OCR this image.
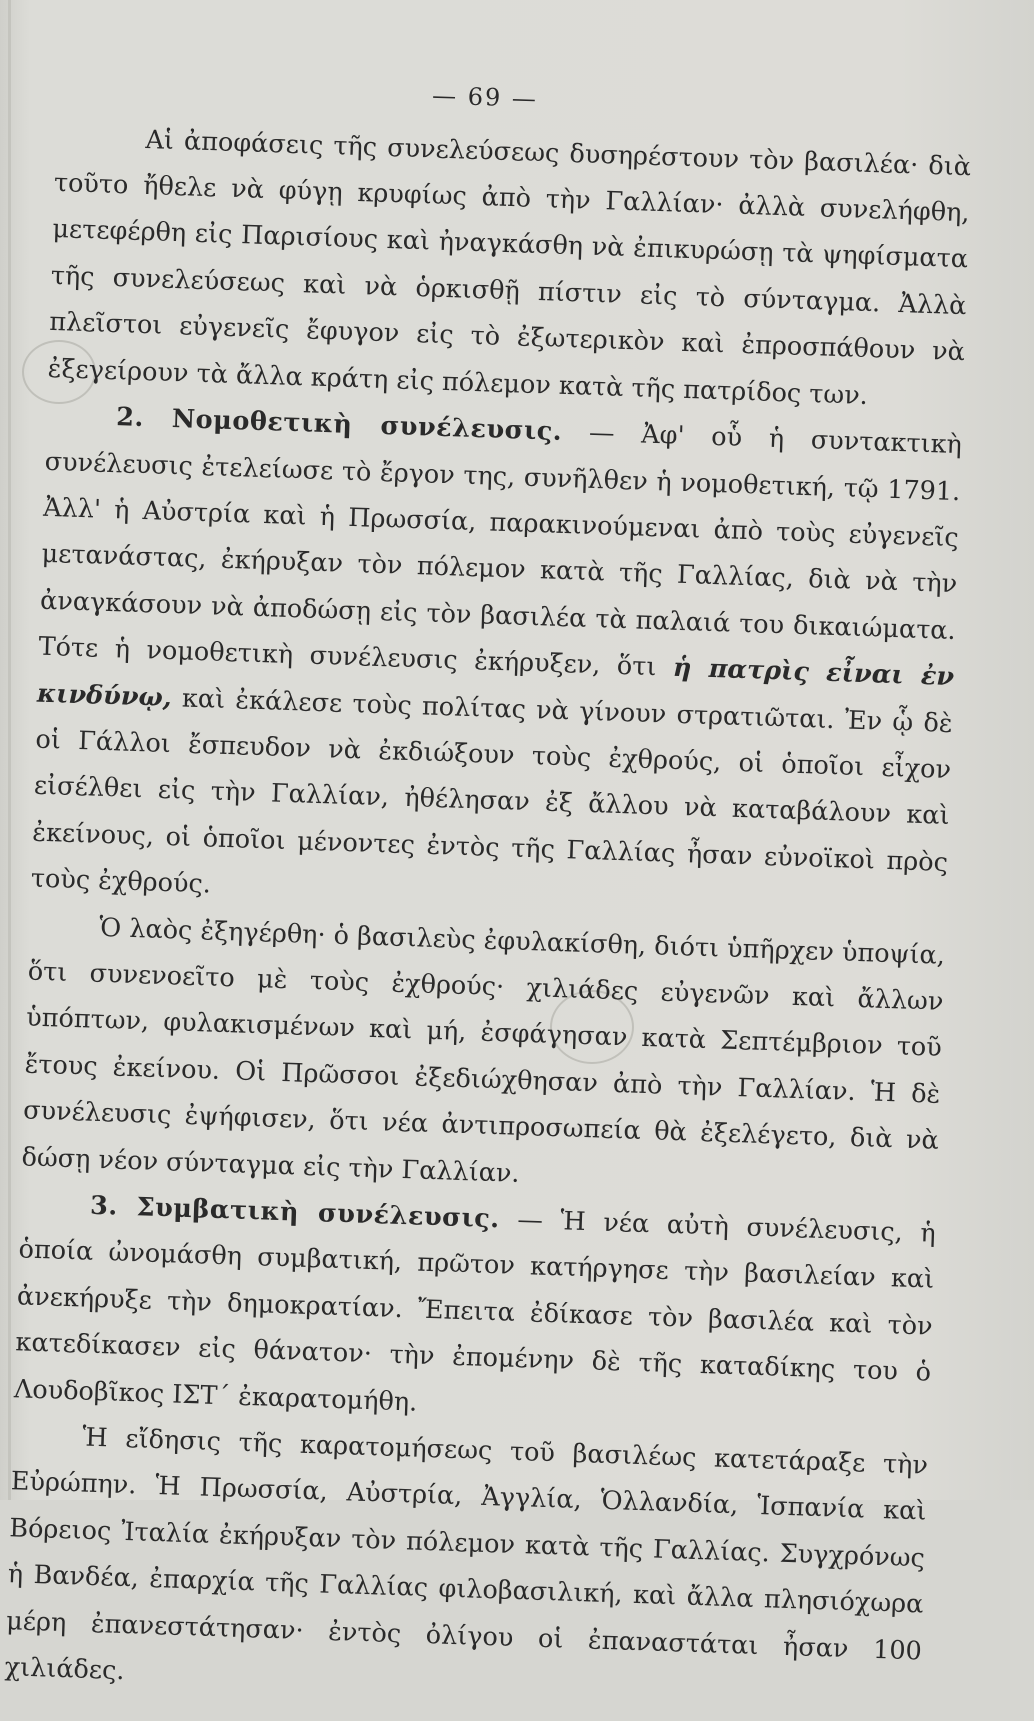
— 69 —

Αἱ ἀποφάσεις τῆς συνελεύσεως δυσηρέστουν τὸν βασιλέα· διὰ τοῦτο ἤθελε νὰ φύγῃ κρυφίως ἀπὸ τὴν Γαλλίαν· ἀλλὰ συνελήφθη, μετεφέρθη εἰς Παρισίους καὶ ἠναγκάσθη νὰ ἐπικυρώσῃ τὰ ψηφίσματα τῆς συνελεύσεως καὶ νὰ ὁρκισθῇ πίστιν εἰς τὸ σύνταγμα. Ἀλλὰ πλεῖστοι εὐγενεῖς ἔφυγον εἰς τὸ ἐξωτερικὸν καὶ ἐπροσπάθουν νὰ ἐξεγείρουν τὰ ἄλλα κράτη εἰς πόλεμον κατὰ τῆς πατρίδος των.

2. Νομοθετικὴ συνέλευσις. — Ἀφ' οὗ ἡ συντακτικὴ συνέλευσις ἐτελείωσε τὸ ἔργον της, συνῆλθεν ἡ νομοθετική, τῷ 1791. Ἀλλ' ἡ Αὐστρία καὶ ἡ Πρωσσία, παρακινούμεναι ἀπὸ τοὺς εὐγενεῖς μετανάστας, ἐκήρυξαν τὸν πόλεμον κατὰ τῆς Γαλλίας, διὰ νὰ τὴν ἀναγκάσουν νὰ ἀποδώσῃ εἰς τὸν βασιλέα τὰ παλαιά του δικαιώματα. Τότε ἡ νομοθετικὴ συνέλευσις ἐκήρυξεν, ὅτι ἡ πατρὶς εἶναι ἐν κινδύνῳ, καὶ ἐκάλεσε τοὺς πολίτας νὰ γίνουν στρατιῶται. Ἐν ᾧ δὲ οἱ Γάλλοι ἔσπευδον νὰ ἐκδιώξουν τοὺς ἐχθρούς, οἱ ὁποῖοι εἶχον εἰσέλθει εἰς τὴν Γαλλίαν, ἠθέλησαν ἐξ ἄλλου νὰ καταβάλουν καὶ ἐκείνους, οἱ ὁποῖοι μένοντες ἐντὸς τῆς Γαλλίας ἦσαν εὐνοϊκοὶ πρὸς τοὺς ἐχθρούς.

Ὁ λαὸς ἐξηγέρθη· ὁ βασιλεὺς ἐφυλακίσθη, διότι ὑπῆρχεν ὑποψία, ὅτι συνενοεῖτο μὲ τοὺς ἐχθρούς· χιλιάδες εὐγενῶν καὶ ἄλλων ὑπόπτων, φυλακισμένων καὶ μή, ἐσφάγησαν κατὰ Σεπτέμβριον τοῦ ἔτους ἐκείνου. Οἱ Πρῶσσοι ἐξεδιώχθησαν ἀπὸ τὴν Γαλλίαν. Ἡ δὲ συνέλευσις ἐψήφισεν, ὅτι νέα ἀντιπροσωπεία θὰ ἐξελέγετο, διὰ νὰ δώσῃ νέον σύνταγμα εἰς τὴν Γαλλίαν.

3. Συμβατικὴ συνέλευσις. — Ἡ νέα αὐτὴ συνέλευσις, ἡ ὁποία ὠνομάσθη συμβατική, πρῶτον κατήργησε τὴν βασιλείαν καὶ ἀνεκήρυξε τὴν δημοκρατίαν. Ἔπειτα ἐδίκασε τὸν βασιλέα καὶ τὸν κατεδίκασεν εἰς θάνατον· τὴν ἐπομένην δὲ τῆς καταδίκης του ὁ Λουδοβῖκος ΙΣΤ΄ ἐκαρατομήθη.

Ἡ εἴδησις τῆς καρατομήσεως τοῦ βασιλέως κατετάραξε τὴν Εὐρώπην. Ἡ Πρωσσία, Αὐστρία, Ἀγγλία, Ὁλλανδία, Ἱσπανία καὶ Βόρειος Ἰταλία ἐκήρυξαν τὸν πόλεμον κατὰ τῆς Γαλλίας. Συγχρόνως ἡ Βανδέα, ἐπαρχία τῆς Γαλλίας φιλοβασιλική, καὶ ἄλλα πλησιόχωρα μέρη ἐπανεστάτησαν· ἐντὸς ὀλίγου οἱ ἐπαναστάται ἦσαν 100 χιλιάδες.
